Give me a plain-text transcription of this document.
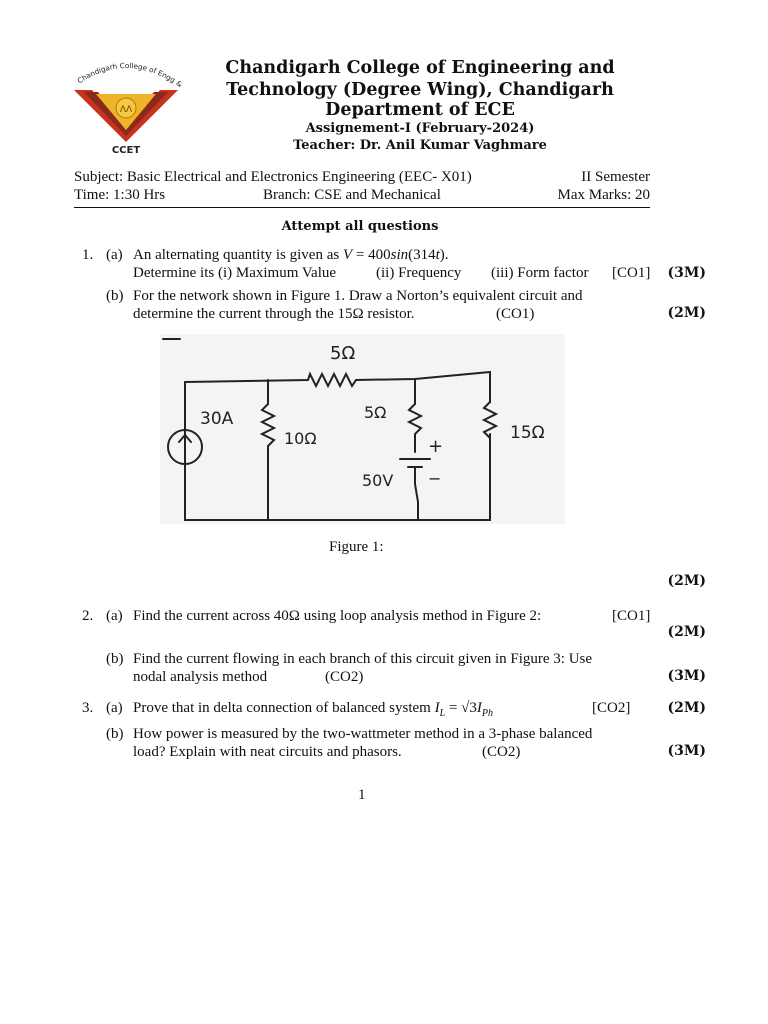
Chandigarh College of Engg &
ΛΛ
CCET
Chandigarh College of Engineering and
Technology (Degree Wing), Chandigarh
Department of ECE
Assignement-I (February-2024)
Teacher: Dr. Anil Kumar Vaghmare
Subject: Basic Electrical and Electronics Engineering (EEC- X01)	II Semester
Time: 1:30 Hrs	Branch: CSE and Mechanical	Max Marks: 20
Attempt all questions
1. (a) An alternating quantity is given as V = 400sin(314t).
Determine its (i) Maximum Value	(ii) Frequency (iii) Form factor [CO1] (3M)
(b) For the network shown in Figure 1. Draw a Norton’s equivalent circuit and
determine the current through the 15Ω resistor.	(CO1)	(2M)
30A
10Ω
5Ω
5Ω
+
−
50V
15Ω
Figure 1:
(2M)
2. (a) Find the current across 40Ω using loop analysis method in Figure 2:	[CO1]
(2M)
(b) Find the current flowing in each branch of this circuit given in Figure 3: Use
nodal analysis method	(CO2)	(3M)
3. (a) Prove that in delta connection of balanced system $I_L = √3I_{Ph}$	[CO2]	(2M)
(b) How power is measured by the two-wattmeter method in a 3-phase balanced
load? Explain with neat circuits and phasors.	(CO2)	(3M)
1
